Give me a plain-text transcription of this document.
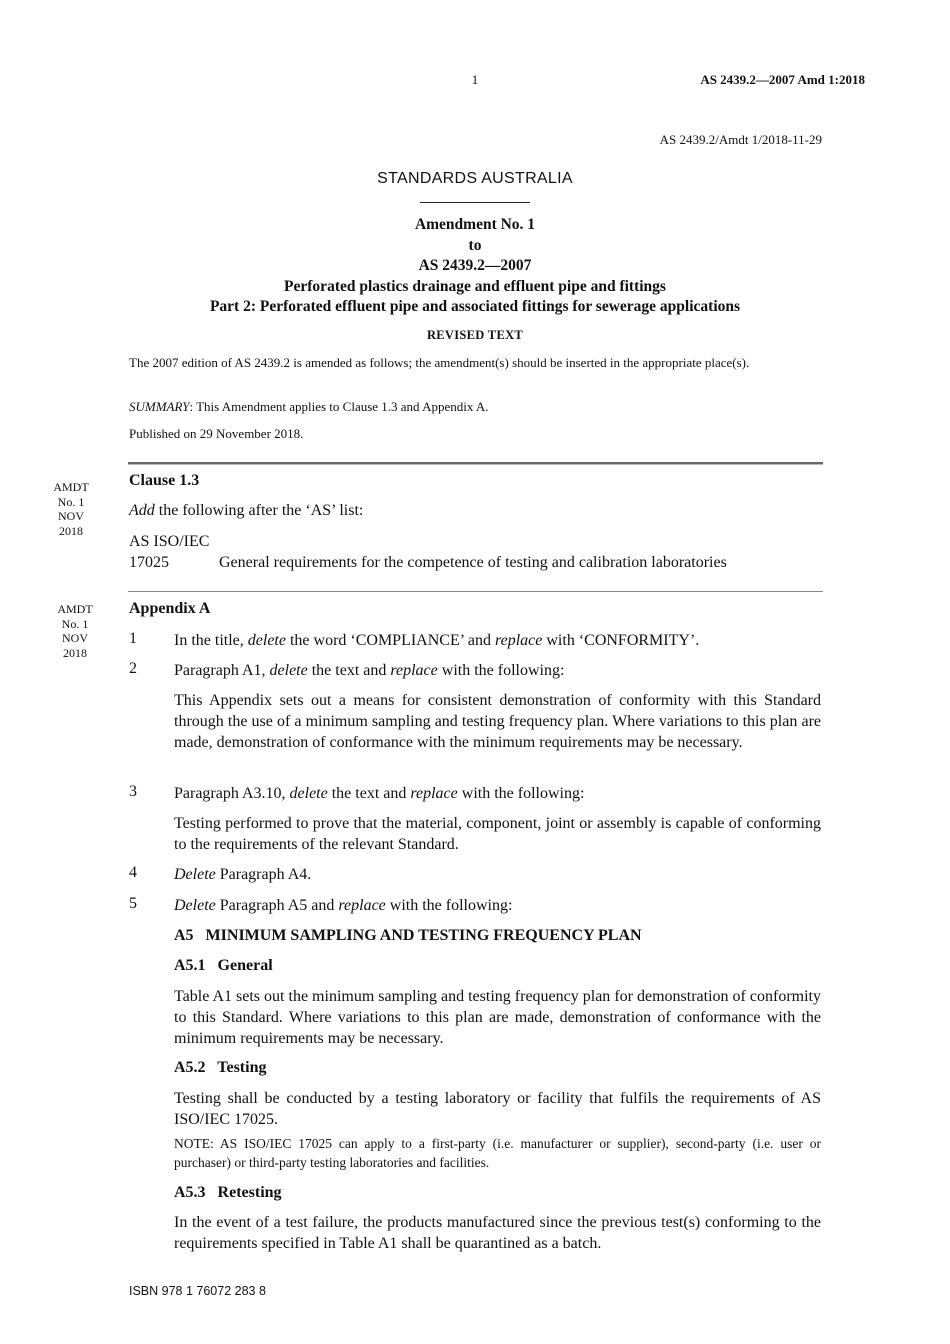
1	AS 2439.2—2007 Amd 1:2018
AS 2439.2/Amdt 1/2018-11-29
STANDARDS AUSTRALIA
Amendment No. 1
to
AS 2439.2—2007
Perforated plastics drainage and effluent pipe and fittings
Part 2: Perforated effluent pipe and associated fittings for sewerage applications
REVISED TEXT
The 2007 edition of AS 2439.2 is amended as follows; the amendment(s) should be inserted in the appropriate place(s).
SUMMARY: This Amendment applies to Clause 1.3 and Appendix A.
Published on 29 November 2018.
AMDT
No. 1
NOV
2018
Clause 1.3
Add the following after the ‘AS’ list:
AS ISO/IEC
17025	General requirements for the competence of testing and calibration laboratories
AMDT
No. 1
NOV
2018
Appendix A
1 In the title, delete the word ‘COMPLIANCE’ and replace with ‘CONFORMITY’.
2 Paragraph A1, delete the text and replace with the following:
This Appendix sets out a means for consistent demonstration of conformity with this Standard through the use of a minimum sampling and testing frequency plan. Where variations to this plan are made, demonstration of conformance with the minimum requirements may be necessary.
3 Paragraph A3.10, delete the text and replace with the following:
Testing performed to prove that the material, component, joint or assembly is capable of conforming to the requirements of the relevant Standard.
4 Delete Paragraph A4.
5 Delete Paragraph A5 and replace with the following:
A5   MINIMUM SAMPLING AND TESTING FREQUENCY PLAN
A5.1   General
Table A1 sets out the minimum sampling and testing frequency plan for demonstration of conformity to this Standard. Where variations to this plan are made, demonstration of conformance with the minimum requirements may be necessary.
A5.2   Testing
Testing shall be conducted by a testing laboratory or facility that fulfils the requirements of AS ISO/IEC 17025.
NOTE: AS ISO/IEC 17025 can apply to a first-party (i.e. manufacturer or supplier), second-party (i.e. user or purchaser) or third-party testing laboratories and facilities.
A5.3   Retesting
In the event of a test failure, the products manufactured since the previous test(s) conforming to the requirements specified in Table A1 shall be quarantined as a batch.
ISBN 978 1 76072 283 8
